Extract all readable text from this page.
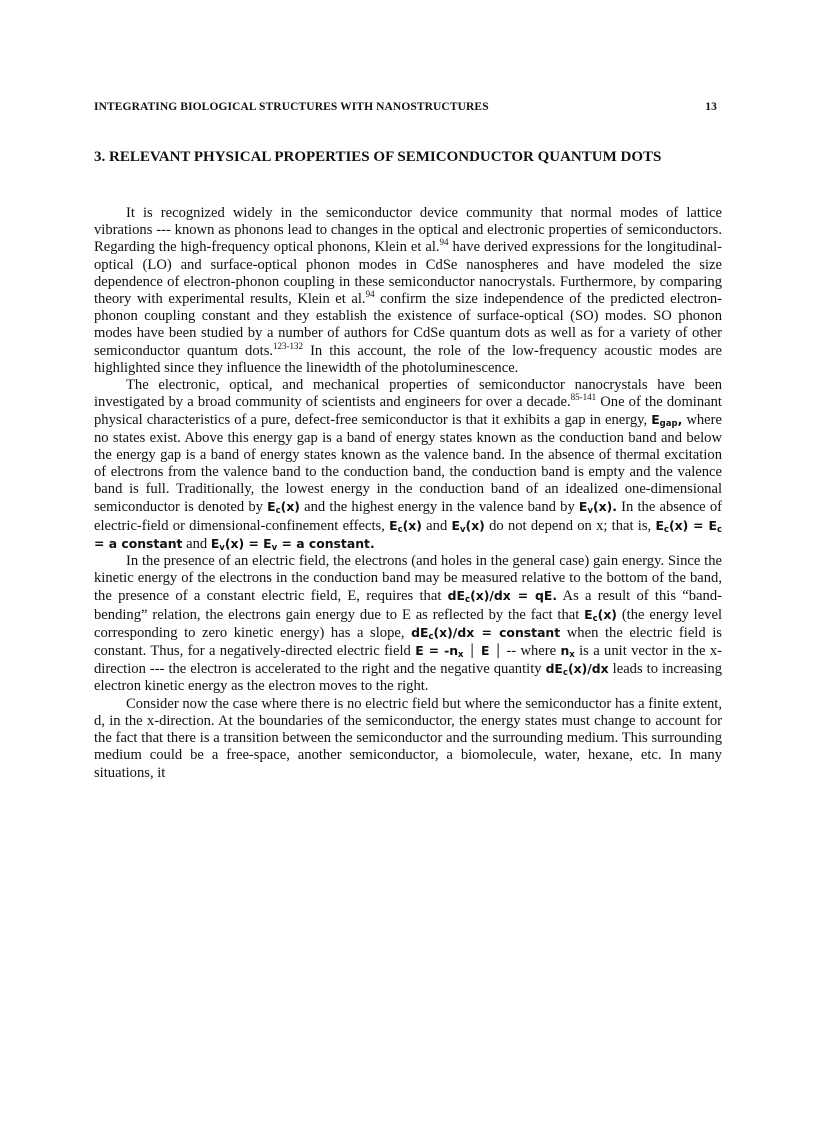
INTEGRATING BIOLOGICAL STRUCTURES WITH NANOSTRUCTURES	13
3. RELEVANT PHYSICAL PROPERTIES OF SEMICONDUCTOR QUANTUM DOTS

It is recognized widely in the semiconductor device community that normal modes of lattice vibrations --- known as phonons lead to changes in the optical and electronic properties of semiconductors. Regarding the high-frequency optical phonons, Klein et al.$^{94}$ have derived expressions for the longitudinal-optical (LO) and surface-optical phonon modes in CdSe nanospheres and have modeled the size dependence of electron-phonon coupling in these semiconductor nanocrystals. Furthermore, by comparing theory with experimental results, Klein et al.$^{94}$ confirm the size independence of the predicted electron-phonon coupling constant and they establish the existence of surface-optical (SO) modes. SO phonon modes have been studied by a number of authors for CdSe quantum dots as well as for a variety of other semiconductor quantum dots.$^{123-132}$ In this account, the role of the low-frequency acoustic modes are highlighted since they influence the linewidth of the photoluminescence.

The electronic, optical, and mechanical properties of semiconductor nanocrystals have been investigated by a broad community of scientists and engineers for over a decade.$^{85-141}$ One of the dominant physical characteristics of a pure, defect-free semiconductor is that it exhibits a gap in energy, $E_{gap}$, where no states exist. Above this energy gap is a band of energy states known as the conduction band and below the energy gap is a band of energy states known as the valence band. In the absence of thermal excitation of electrons from the valence band to the conduction band, the conduction band is empty and the valence band is full. Traditionally, the lowest energy in the conduction band of an idealized one-dimensional semiconductor is denoted by $E_c(x)$ and the highest energy in the valence band by $E_v(x)$. In the absence of electric-field or dimensional-confinement effects, $E_c(x)$ and $E_v(x)$ do not depend on x; that is, $E_c(x) = E_c = a$ constant and $E_v(x) = E_v = a$ constant.

In the presence of an electric field, the electrons (and holes in the general case) gain energy. Since the kinetic energy of the electrons in the conduction band may be measured relative to the bottom of the band, the presence of a constant electric field, E, requires that $dE_c(x)/dx$ = qE. As a result of this “band-bending” relation, the electrons gain energy due to E as reflected by the fact that $E_c(x)$ (the energy level corresponding to zero kinetic energy) has a slope, $dE_c(x)/dx$ = constant when the electric field is constant. Thus, for a negatively-directed electric field $E = -n_x$ │ E │ -- where $n_x$ is a unit vector in the x-direction --- the electron is accelerated to the right and the negative quantity $dE_c(x)/dx$ leads to increasing electron kinetic energy as the electron moves to the right.

Consider now the case where there is no electric field but where the semiconductor has a finite extent, d, in the x-direction. At the boundaries of the semiconductor, the energy states must change to account for the fact that there is a transition between the semiconductor and the surrounding medium. This surrounding medium could be a free-space, another semiconductor, a biomolecule, water, hexane, etc. In many situations, it
